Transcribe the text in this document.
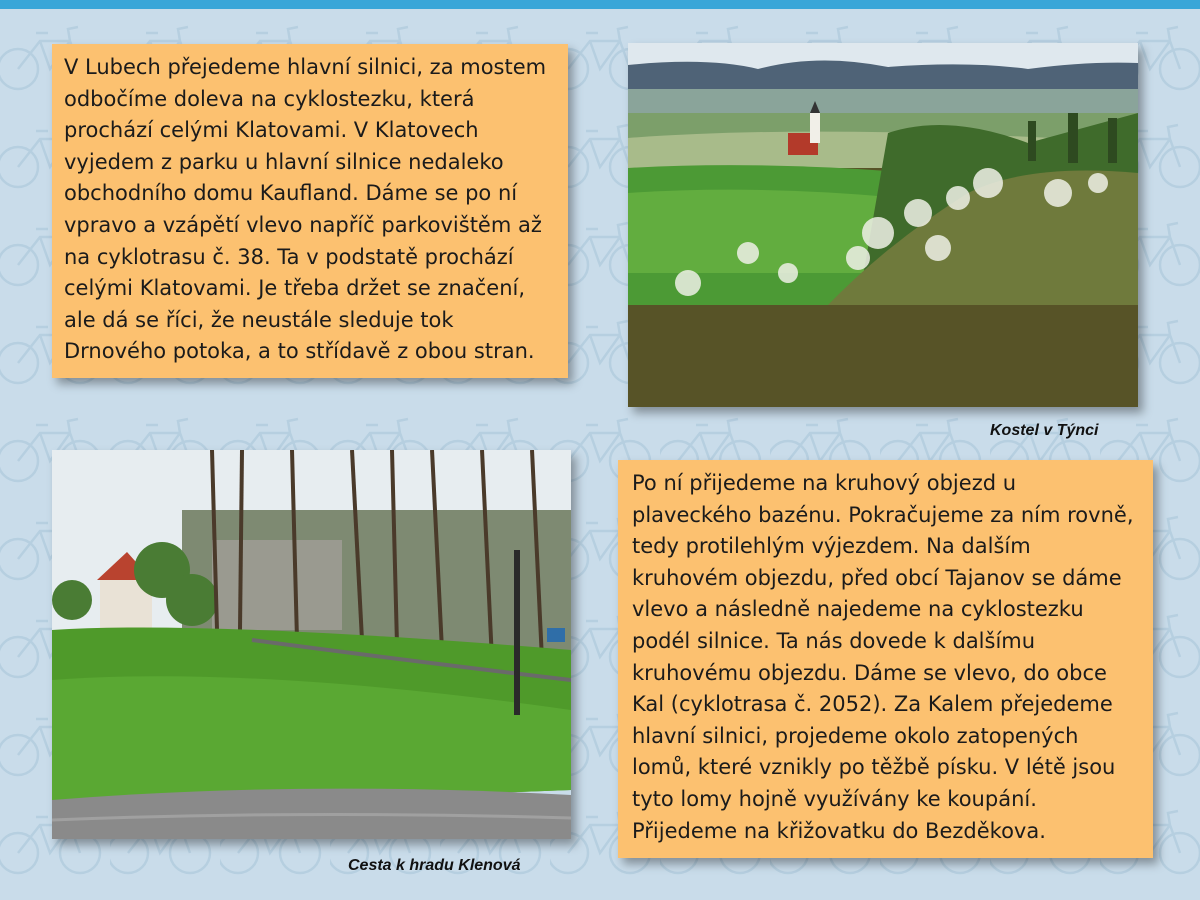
V Lubech přejedeme hlavní silnici, za mostem odbočíme doleva na cyklostezku, která prochází celými Klatovami. V Klatovech
vyjedem z parku u hlavní silnice nedaleko obchodního domu Kaufland. Dáme se po ní vpravo a vzápětí vlevo napříč parkovištěm až na cyklotrasu č. 38. Ta v podstatě prochází celými Klatovami. Je třeba držet se značení, ale dá se říci, že neustále sleduje tok Drnového potoka, a to střídavě z obou stran.
Kostel v Týnci
Cesta k hradu Klenová
Po ní přijedeme na kruhový objezd u plaveckého bazénu. Pokračujeme za ním rovně, tedy protilehlým výjezdem. Na dalším kruhovém objezdu, před obcí Tajanov se dáme vlevo a následně najedeme na cyklostezku podél silnice. Ta nás dovede k dalšímu kruhovému objezdu. Dáme se vlevo, do obce Kal (cyklotrasa č. 2052). Za Kalem přejedeme hlavní silnici, projedeme okolo zatopených lomů, které vznikly po těžbě písku. V létě jsou tyto lomy hojně využívány ke koupání. Přijedeme na křižovatku do Bezděkova.
